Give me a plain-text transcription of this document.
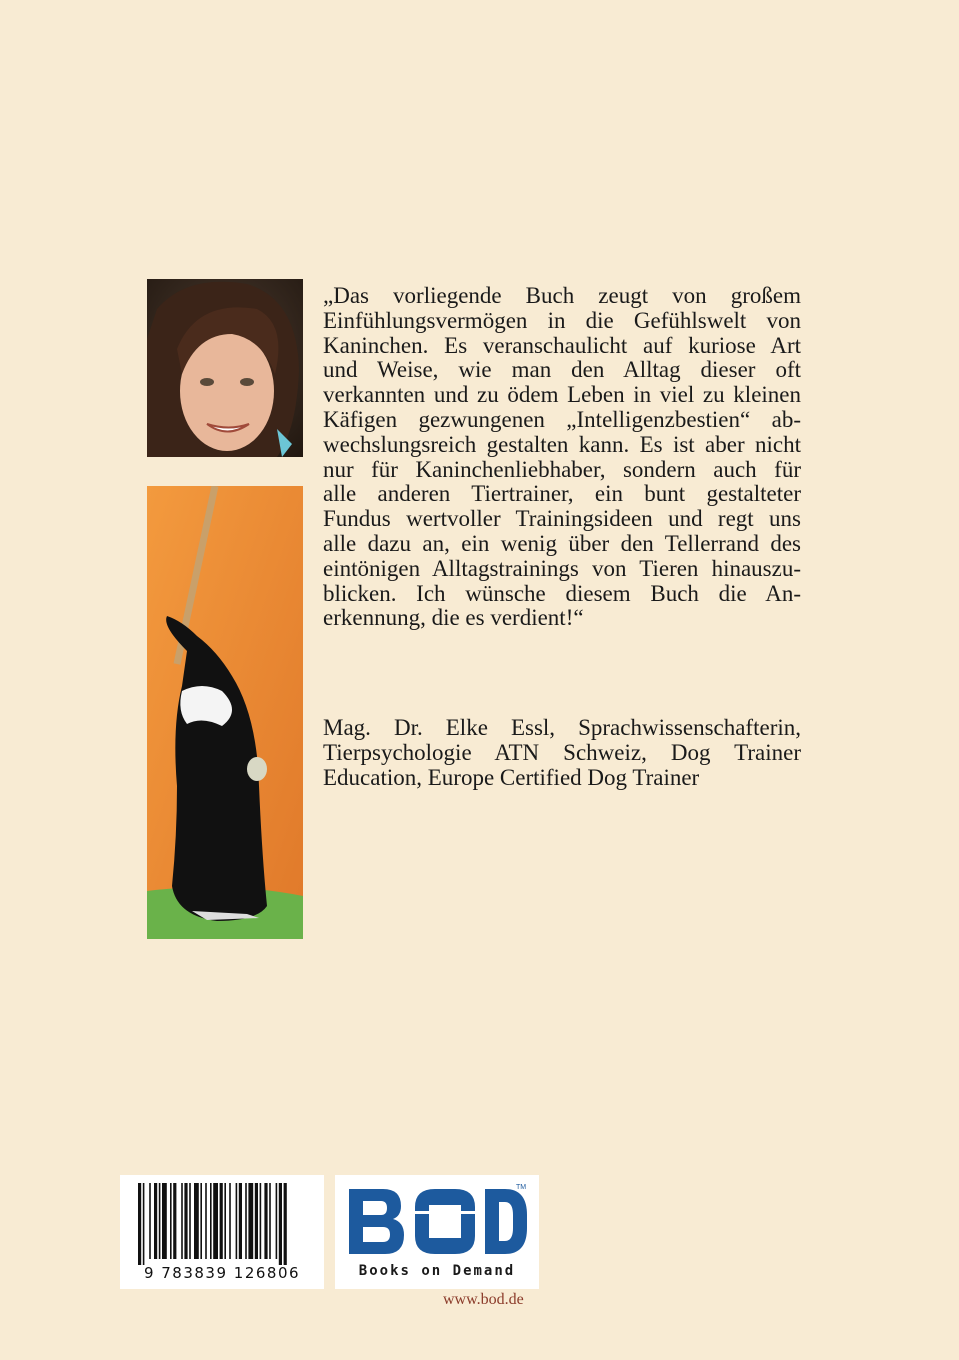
„Das vorliegende Buch zeugt von großem
Einfühlungsvermögen in die Gefühlswelt von
Kaninchen. Es veranschaulicht auf kuriose Art
und Weise, wie man den Alltag dieser oft
verkannten und zu ödem Leben in viel zu kleinen
Käfigen gezwungenen „Intelligenzbestien“ ab-
wechslungsreich gestalten kann. Es ist aber nicht
nur für Kaninchenliebhaber, sondern auch für
alle anderen Tiertrainer, ein bunt gestalteter
Fundus wertvoller Trainingsideen und regt uns
alle dazu an, ein wenig über den Tellerrand des
eintönigen Alltagstrainings von Tieren hinauszu-
blicken. Ich wünsche diesem Buch die An-
erkennung, die es verdient!“

Mag. Dr. Elke Essl, Sprachwissenschafterin,
Tierpsychologie ATN Schweiz, Dog Trainer
Education, Europe Certified Dog Trainer

9 783839 126806
TM
Books on Demand
www.bod.de
